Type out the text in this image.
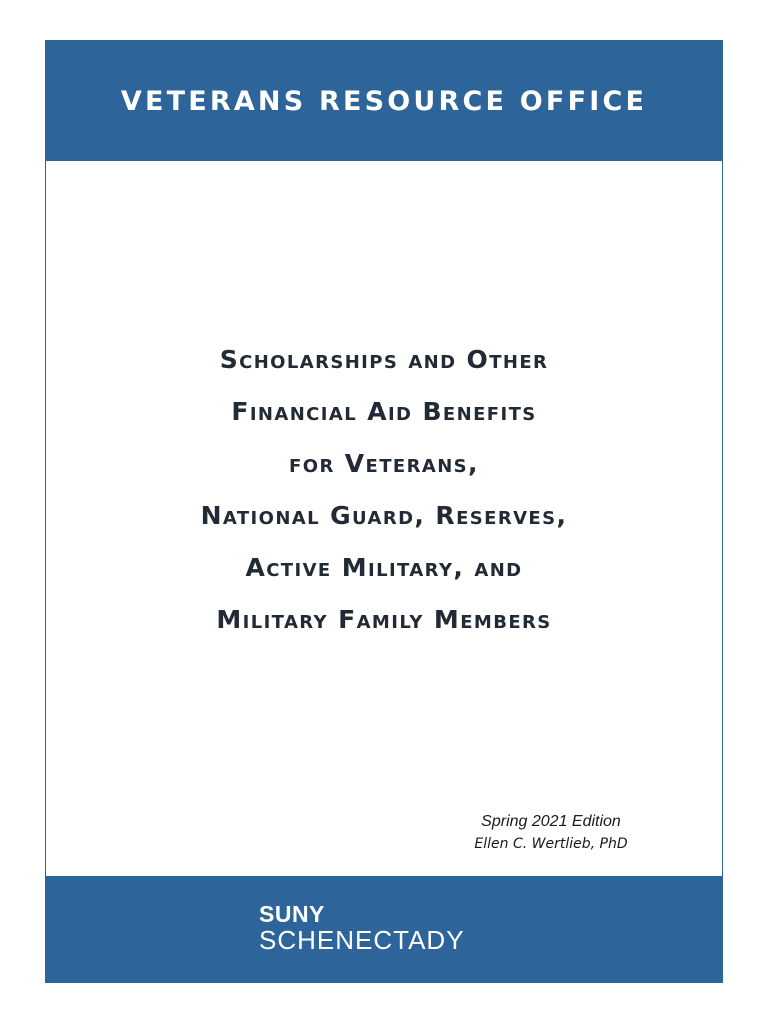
VETERANS RESOURCE OFFICE
Scholarships and Other
Financial Aid Benefits
for Veterans,
National Guard, Reserves,
Active Military, and
Military Family Members
Spring 2021 Edition
Ellen C. Wertlieb, PhD
SUNY
SCHENECTADY
